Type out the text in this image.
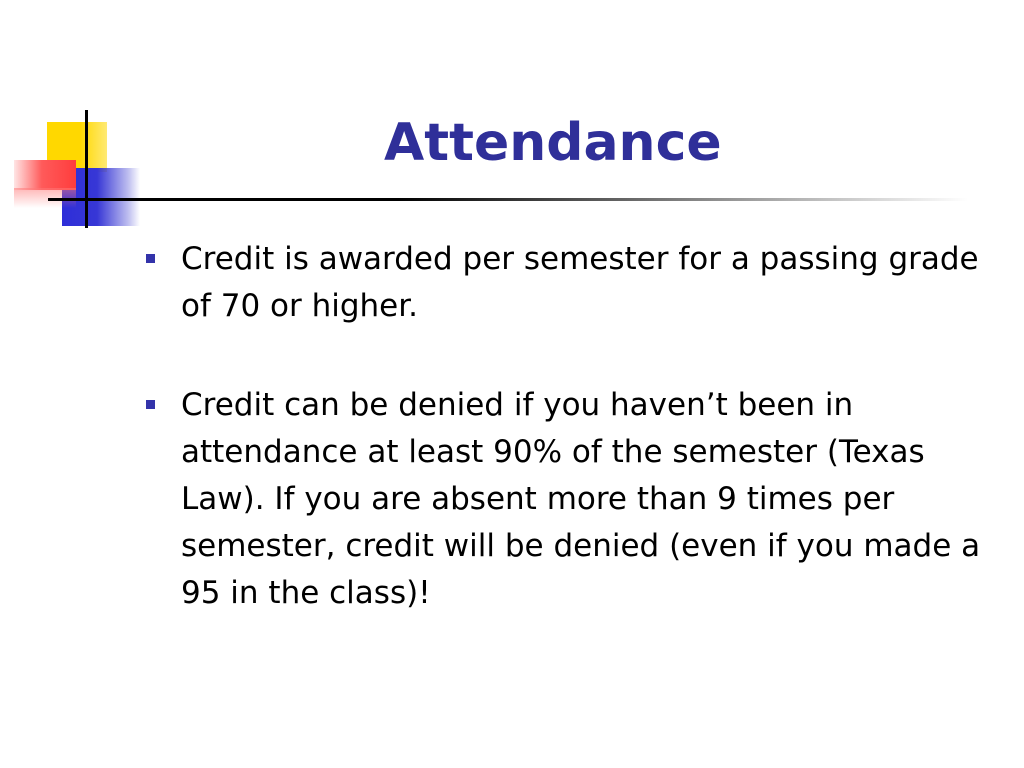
Attendance
Credit is awarded per semester for a passing grade of 70 or higher.
Credit can be denied if you haven’t been in attendance at least 90% of the semester (Texas Law). If you are absent more than 9 times per semester, credit will be denied (even if you made a 95 in the class)!
